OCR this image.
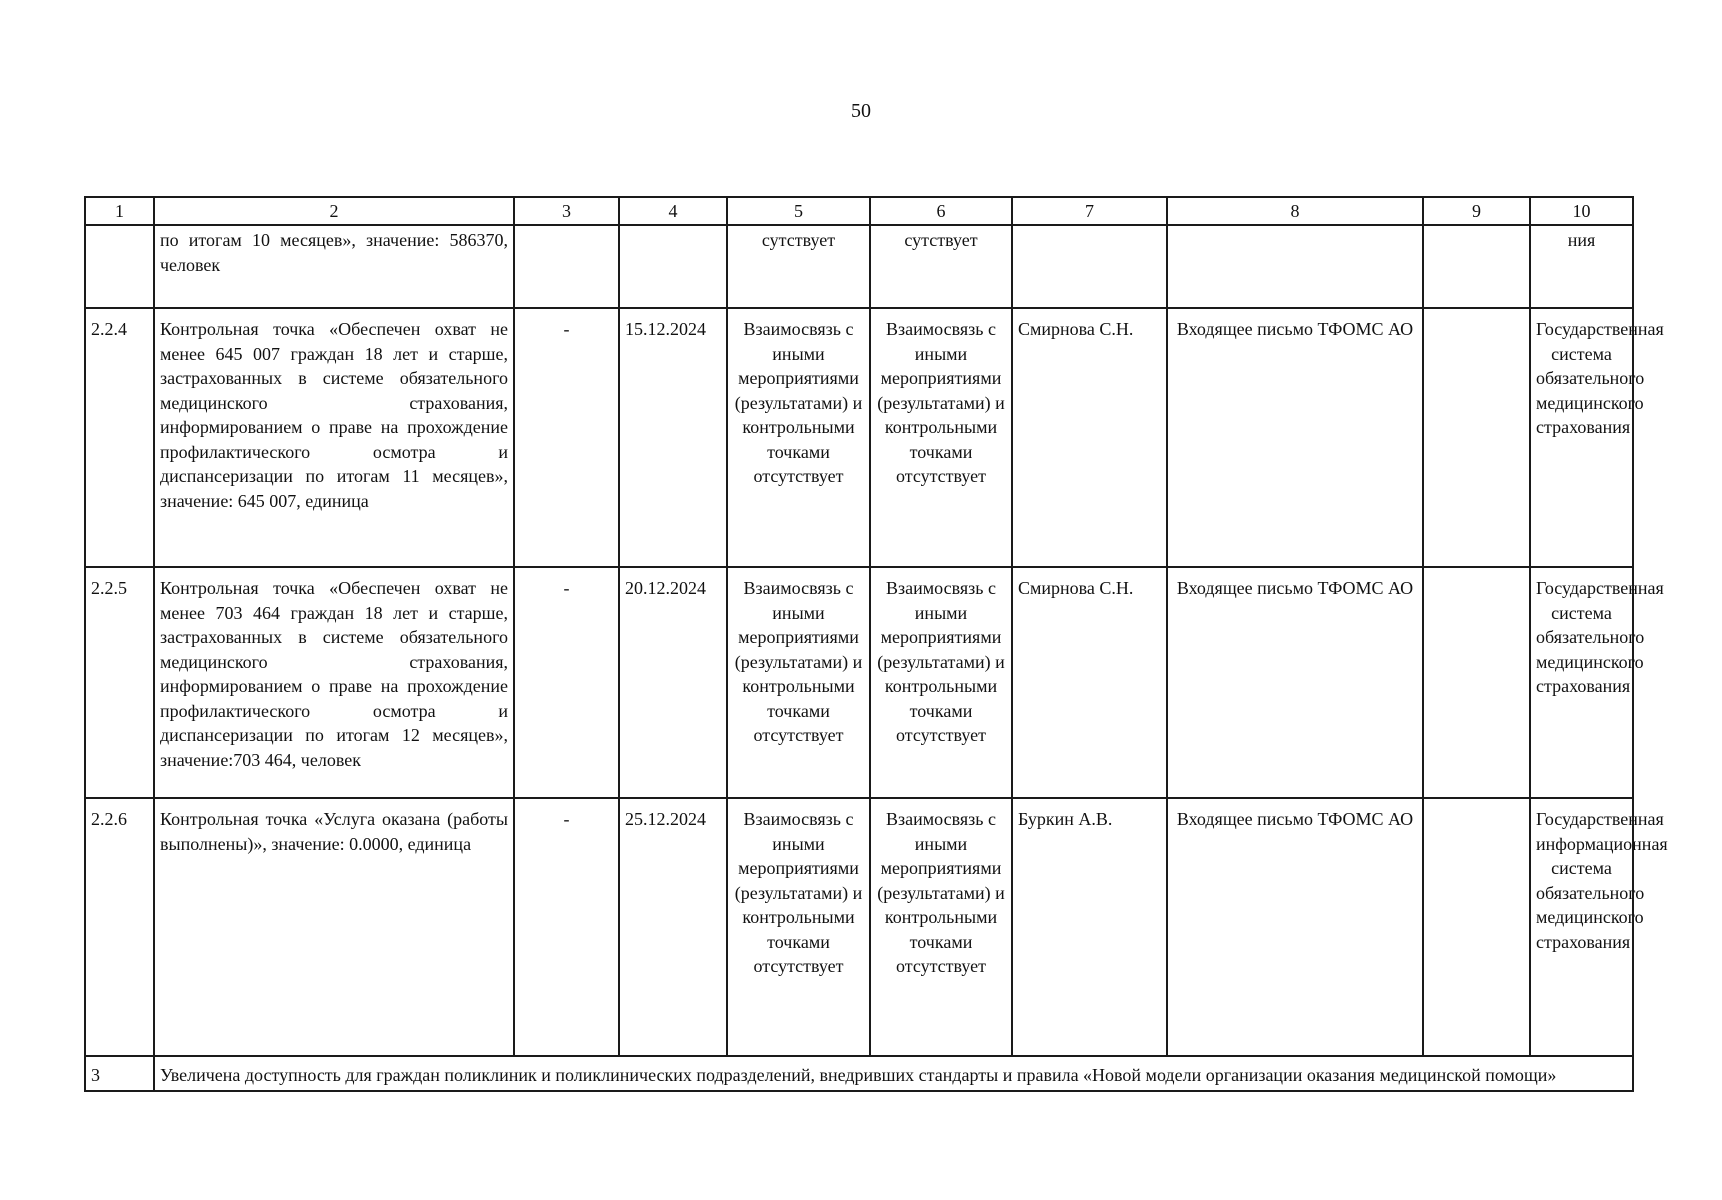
50
1	2	3	4	5	6	7	8	9	10
	по итогам 10 месяцев», значение: 586370, человек			сутствует	сутствует				ния
2.2.4	Контрольная точка «Обеспечен охват не менее 645 007 граждан 18 лет и старше, застрахованных в системе обязательного медицинского страхования, информированием о праве на прохождение профилактического осмотра и диспансеризации по итогам 11 месяцев», значение: 645 007, единица	-	15.12.2024	Взаимосвязь с иными мероприятиями (результатами) и контрольными точками отсутствует	Взаимосвязь с иными мероприятиями (результатами) и контрольными точками отсутствует	Смирнова С.Н.	Входящее письмо ТФОМС АО		Государственная система обязательного медицинского страхования
2.2.5	Контрольная точка «Обеспечен охват не менее 703 464 граждан 18 лет и старше, застрахованных в системе обязательного медицинского страхования, информированием о праве на прохождение профилактического осмотра и диспансеризации по итогам 12 месяцев», значение:703 464, человек	-	20.12.2024	Взаимосвязь с иными мероприятиями (результатами) и контрольными точками отсутствует	Взаимосвязь с иными мероприятиями (результатами) и контрольными точками отсутствует	Смирнова С.Н.	Входящее письмо ТФОМС АО		Государственная система обязательного медицинского страхования
2.2.6	Контрольная точка «Услуга оказана (работы выполнены)», значение: 0.0000, единица	-	25.12.2024	Взаимосвязь с иными мероприятиями (результатами) и контрольными точками отсутствует	Взаимосвязь с иными мероприятиями (результатами) и контрольными точками отсутствует	Буркин А.В.	Входящее письмо ТФОМС АО		Государственная информационная система обязательного медицинского страхования
3	Увеличена доступность для граждан поликлиник и поликлинических подразделений, внедривших стандарты и правила «Новой модели организации оказания медицинской помощи»								
